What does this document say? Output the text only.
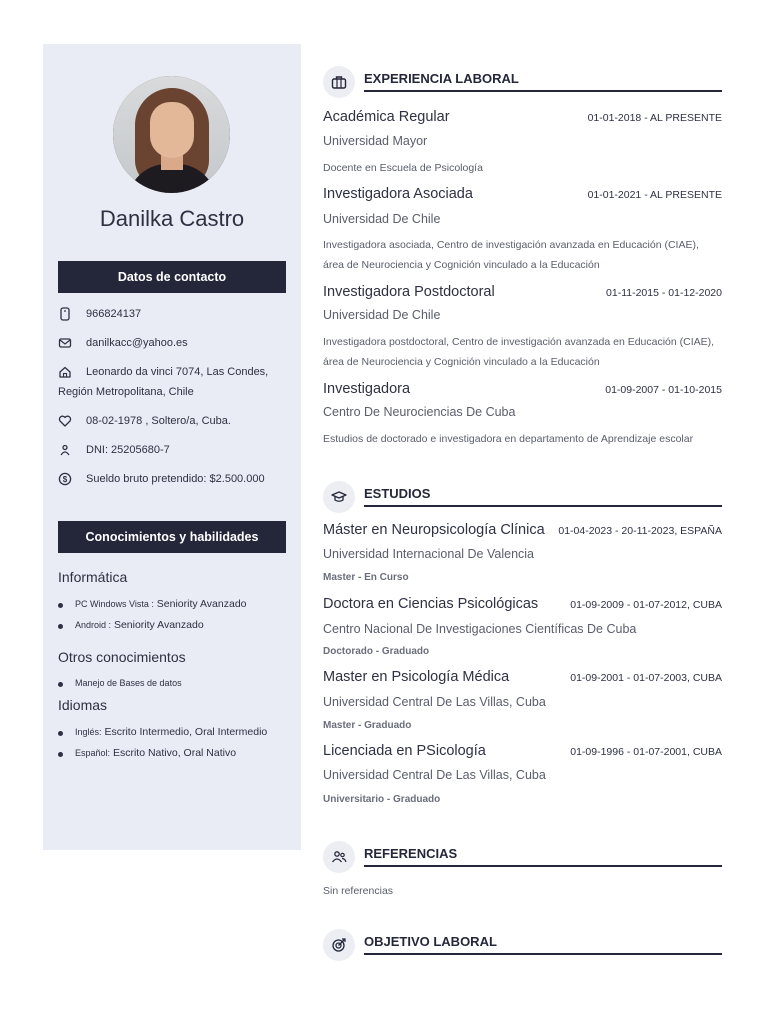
Danilka Castro
Datos de contacto
966824137
danilkacc@yahoo.es
Leonardo da vinci 7074, Las Condes,
Región Metropolitana, Chile
08-02-1978 , Soltero/a, Cuba.
DNI: 25205680-7
$	Sueldo bruto pretendido: $2.500.000
Conocimientos y habilidades
Informática
PC Windows Vista : Seniority Avanzado
Android : Seniority Avanzado
Otros conocimientos
Manejo de Bases de datos
Idiomas
Inglés: Escrito Intermedio, Oral Intermedio
Español: Escrito Nativo, Oral Nativo
EXPERIENCIA LABORAL
Académica Regular	01-01-2018 - AL PRESENTE
Universidad Mayor
Docente en Escuela de Psicología
Investigadora Asociada	01-01-2021 - AL PRESENTE
Universidad De Chile
Investigadora asociada, Centro de investigación avanzada en Educación (CIAE), área de Neurociencia y Cognición vinculado a la Educación
Investigadora Postdoctoral	01-11-2015 - 01-12-2020
Universidad De Chile
Investigadora postdoctoral, Centro de investigación avanzada en Educación (CIAE), área de Neurociencia y Cognición vinculado a la Educación
Investigadora	01-09-2007 - 01-10-2015
Centro De Neurociencias De Cuba
Estudios de doctorado e investigadora en departamento de Aprendizaje escolar
ESTUDIOS
Máster en Neuropsicología Clínica 01-04-2023 - 20-11-2023, ESPAÑA
Universidad Internacional De Valencia
Master - En Curso
Doctora en Ciencias Psicológicas	01-09-2009 - 01-07-2012, CUBA
Centro Nacional De Investigaciones Científicas De Cuba
Doctorado - Graduado
Master en Psicología Médica	01-09-2001 - 01-07-2003, CUBA
Universidad Central De Las Villas, Cuba
Master - Graduado
Licenciada en PSicología	01-09-1996 - 01-07-2001, CUBA
Universidad Central De Las Villas, Cuba
Universitario - Graduado
REFERENCIAS
Sin referencias
OBJETIVO LABORAL
